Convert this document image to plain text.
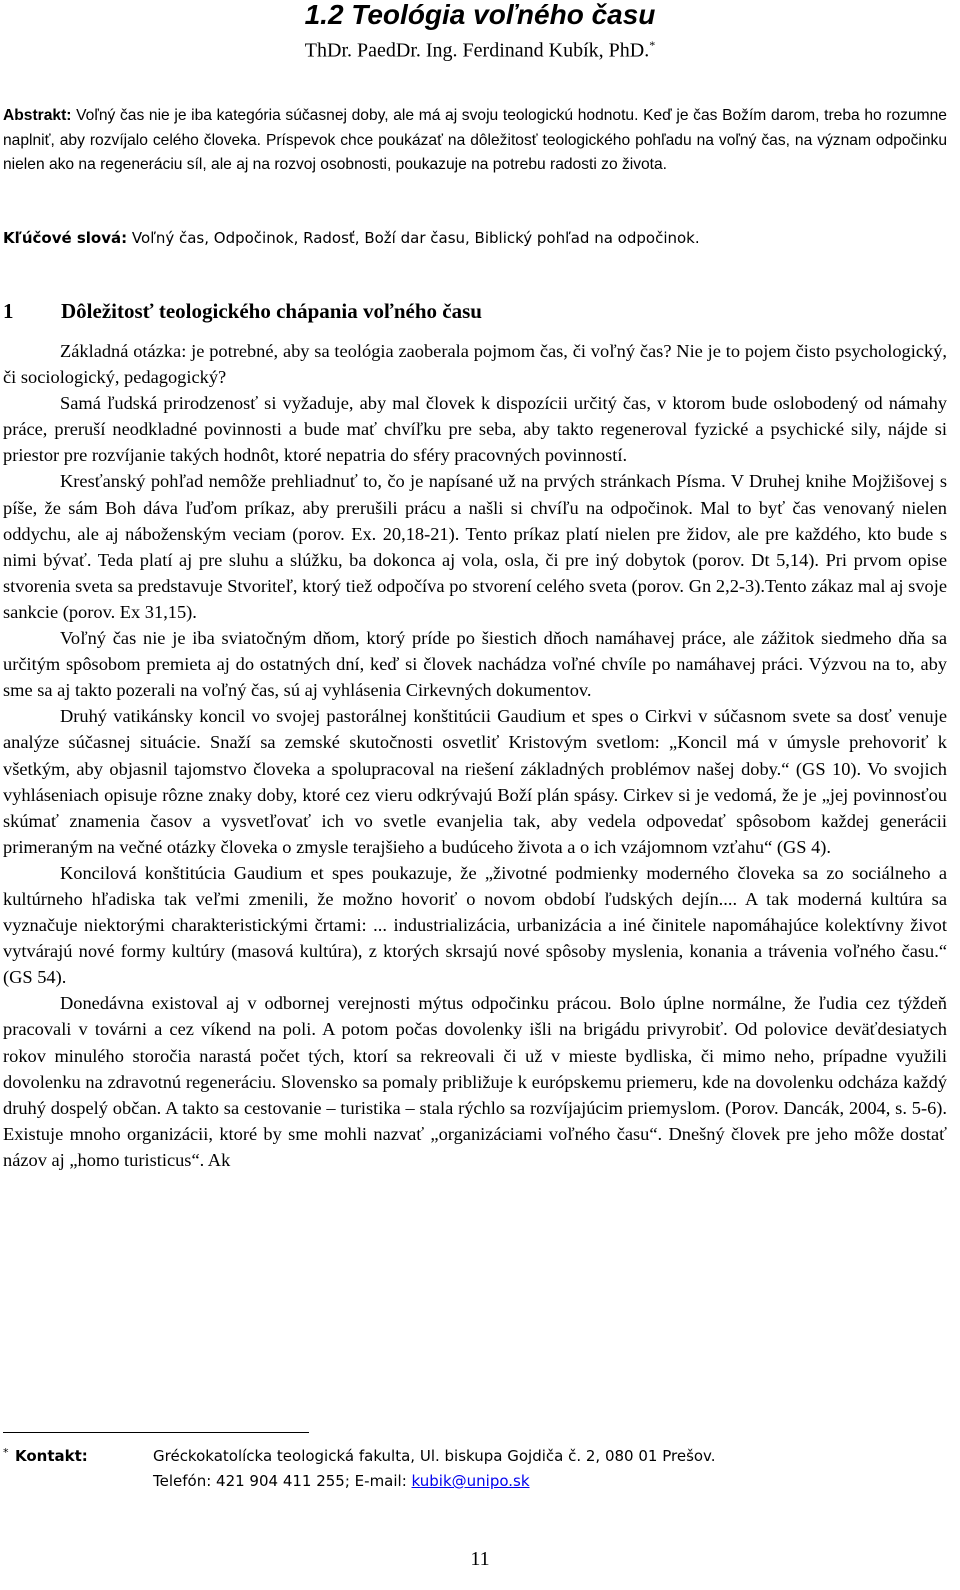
1.2 Teológia voľného času
ThDr. PaedDr. Ing. Ferdinand Kubík, PhD.*
Abstrakt: Voľný čas nie je iba kategória súčasnej doby, ale má aj svoju teologickú hodnotu. Keď je čas Božím darom, treba ho rozumne naplniť, aby rozvíjalo celého človeka. Príspevok chce poukázať na dôležitosť teologického pohľadu na voľný čas, na význam odpočinku nielen ako na regeneráciu síl, ale aj na rozvoj osobnosti, poukazuje na potrebu radosti zo života.
Kľúčové slová: Voľný čas, Odpočinok, Radosť, Boží dar času, Biblický pohľad na odpočinok.
1 Dôležitosť teologického chápania voľného času

Základná otázka: je potrebné, aby sa teológia zaoberala pojmom čas, či voľný čas? Nie je to pojem čisto psychologický, či sociologický, pedagogický?

Samá ľudská prirodzenosť si vyžaduje, aby mal človek k dispozícii určitý čas, v ktorom bude oslobodený od námahy práce, preruší neodkladné povinnosti a bude mať chvíľku pre seba, aby takto regeneroval fyzické a psychické sily, nájde si priestor pre rozvíjanie takých hodnôt, ktoré nepatria do sféry pracovných povinností.

Kresťanský pohľad nemôže prehliadnuť to, čo je napísané už na prvých stránkach Písma. V Druhej knihe Mojžišovej s píše, že sám Boh dáva ľuďom príkaz, aby prerušili prácu a našli si chvíľu na odpočinok. Mal to byť čas venovaný nielen oddychu, ale aj náboženským veciam (porov. Ex. 20,18-21). Tento príkaz platí nielen pre židov, ale pre každého, kto bude s nimi bývať. Teda platí aj pre sluhu a slúžku, ba dokonca aj vola, osla, či pre iný dobytok (porov. Dt 5,14). Pri prvom opise stvorenia sveta sa predstavuje Stvoriteľ, ktorý tiež odpočíva po stvorení celého sveta (porov. Gn 2,2-3).Tento zákaz mal aj svoje sankcie (porov. Ex 31,15).

Voľný čas nie je iba sviatočným dňom, ktorý príde po šiestich dňoch namáhavej práce, ale zážitok siedmeho dňa sa určitým spôsobom premieta aj do ostatných dní, keď si človek nachádza voľné chvíle po namáhavej práci. Výzvou na to, aby sme sa aj takto pozerali na voľný čas, sú aj vyhlásenia Cirkevných dokumentov.

Druhý vatikánsky koncil vo svojej pastorálnej konštitúcii Gaudium et spes o Cirkvi v súčasnom svete sa dosť venuje analýze súčasnej situácie. Snaží sa zemské skutočnosti osvetliť Kristovým svetlom: „Koncil má v úmysle prehovoriť k všetkým, aby objasnil tajomstvo človeka a spolupracoval na riešení základných problémov našej doby.“ (GS 10). Vo svojich vyhláseniach opisuje rôzne znaky doby, ktoré cez vieru odkrývajú Boží plán spásy. Cirkev si je vedomá, že je „jej povinnosťou skúmať znamenia časov a vysvetľovať ich vo svetle evanjelia tak, aby vedela odpovedať spôsobom každej generácii primeraným na večné otázky človeka o zmysle terajšieho a budúceho života a o ich vzájomnom vzťahu“ (GS 4).

Koncilová konštitúcia Gaudium et spes poukazuje, že „životné podmienky moderného človeka sa zo sociálneho a kultúrneho hľadiska tak veľmi zmenili, že možno hovoriť o novom období ľudských dejín.... A tak moderná kultúra sa vyznačuje niektorými charakteristickými črtami: ... industrializácia, urbanizácia a iné činitele napomáhajúce kolektívny život vytvárajú nové formy kultúry (masová kultúra), z ktorých skrsajú nové spôsoby myslenia, konania a trávenia voľného času.“ (GS 54).

Donedávna existoval aj v odbornej verejnosti mýtus odpočinku prácou. Bolo úplne normálne, že ľudia cez týždeň pracovali v továrni a cez víkend na poli. A potom počas dovolenky išli na brigádu privyrobiť. Od polovice deväťdesiatych rokov minulého storočia narastá počet tých, ktorí sa rekreovali či už v mieste bydliska, či mimo neho, prípadne využili dovolenku na zdravotnú regeneráciu. Slovensko sa pomaly približuje k európskemu priemeru, kde na dovolenku odcháza každý druhý dospelý občan. A takto sa cestovanie – turistika – stala rýchlo sa rozvíjajúcim priemyslom. (Porov. Dancák, 2004, s. 5-6). Existuje mnoho organizácii, ktoré by sme mohli nazvať „organizáciami voľného času“. Dnešný človek pre jeho môže dostať názov aj „homo turisticus“. Ak

* Kontakt:	Gréckokatolícka teologická fakulta, Ul. biskupa Gojdiča č. 2, 080 01 Prešov.
Telefón: 421 904 411 255; E-mail: kubik@unipo.sk
11
